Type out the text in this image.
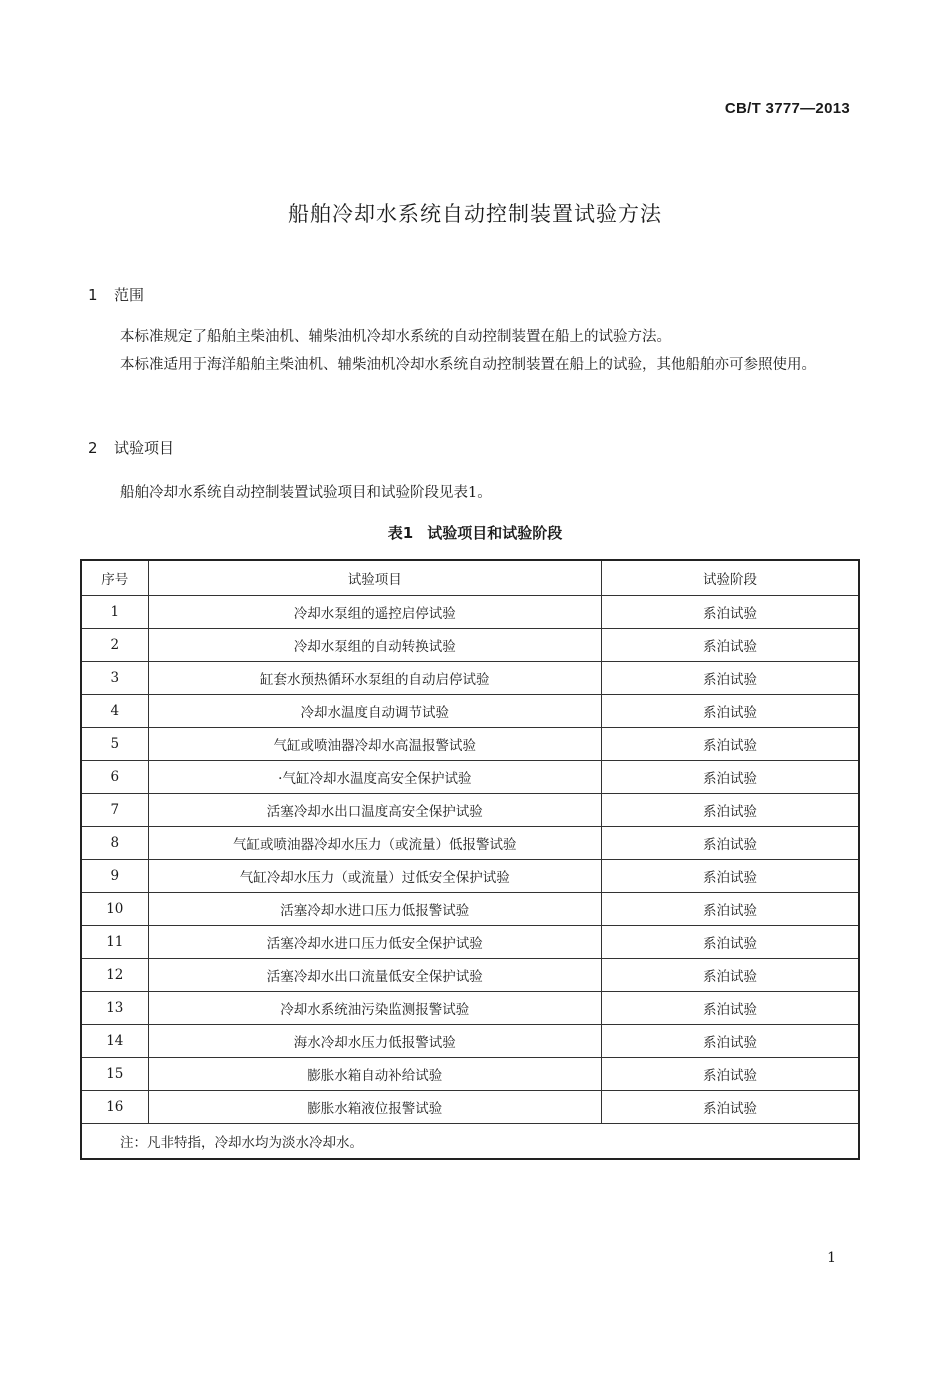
CB/T 3777—2013
船舶冷却水系统自动控制装置试验方法
1 范围
本标准规定了船舶主柴油机、辅柴油机冷却水系统的自动控制装置在船上的试验方法。
本标准适用于海洋船舶主柴油机、辅柴油机冷却水系统自动控制装置在船上的试验，其他船舶亦可参照使用。
2 试验项目
船舶冷却水系统自动控制装置试验项目和试验阶段见表1。
表1 试验项目和试验阶段
序号	试验项目	试验阶段
1	冷却水泵组的遥控启停试验	系泊试验
2	冷却水泵组的自动转换试验	系泊试验
3	缸套水预热循环水泵组的自动启停试验	系泊试验
4	冷却水温度自动调节试验	系泊试验
5	气缸或喷油器冷却水高温报警试验	系泊试验
6	·气缸冷却水温度高安全保护试验	系泊试验
7	活塞冷却水出口温度高安全保护试验	系泊试验
8	气缸或喷油器冷却水压力（或流量）低报警试验	系泊试验
9	气缸冷却水压力（或流量）过低安全保护试验	系泊试验
10	活塞冷却水进口压力低报警试验	系泊试验
11	活塞冷却水进口压力低安全保护试验	系泊试验
12	活塞冷却水出口流量低安全保护试验	系泊试验
13	冷却水系统油污染监测报警试验	系泊试验
14	海水冷却水压力低报警试验	系泊试验
15	膨胀水箱自动补给试验	系泊试验
16	膨胀水箱液位报警试验	系泊试验
注：凡非特指，冷却水均为淡水冷却水。		
1
